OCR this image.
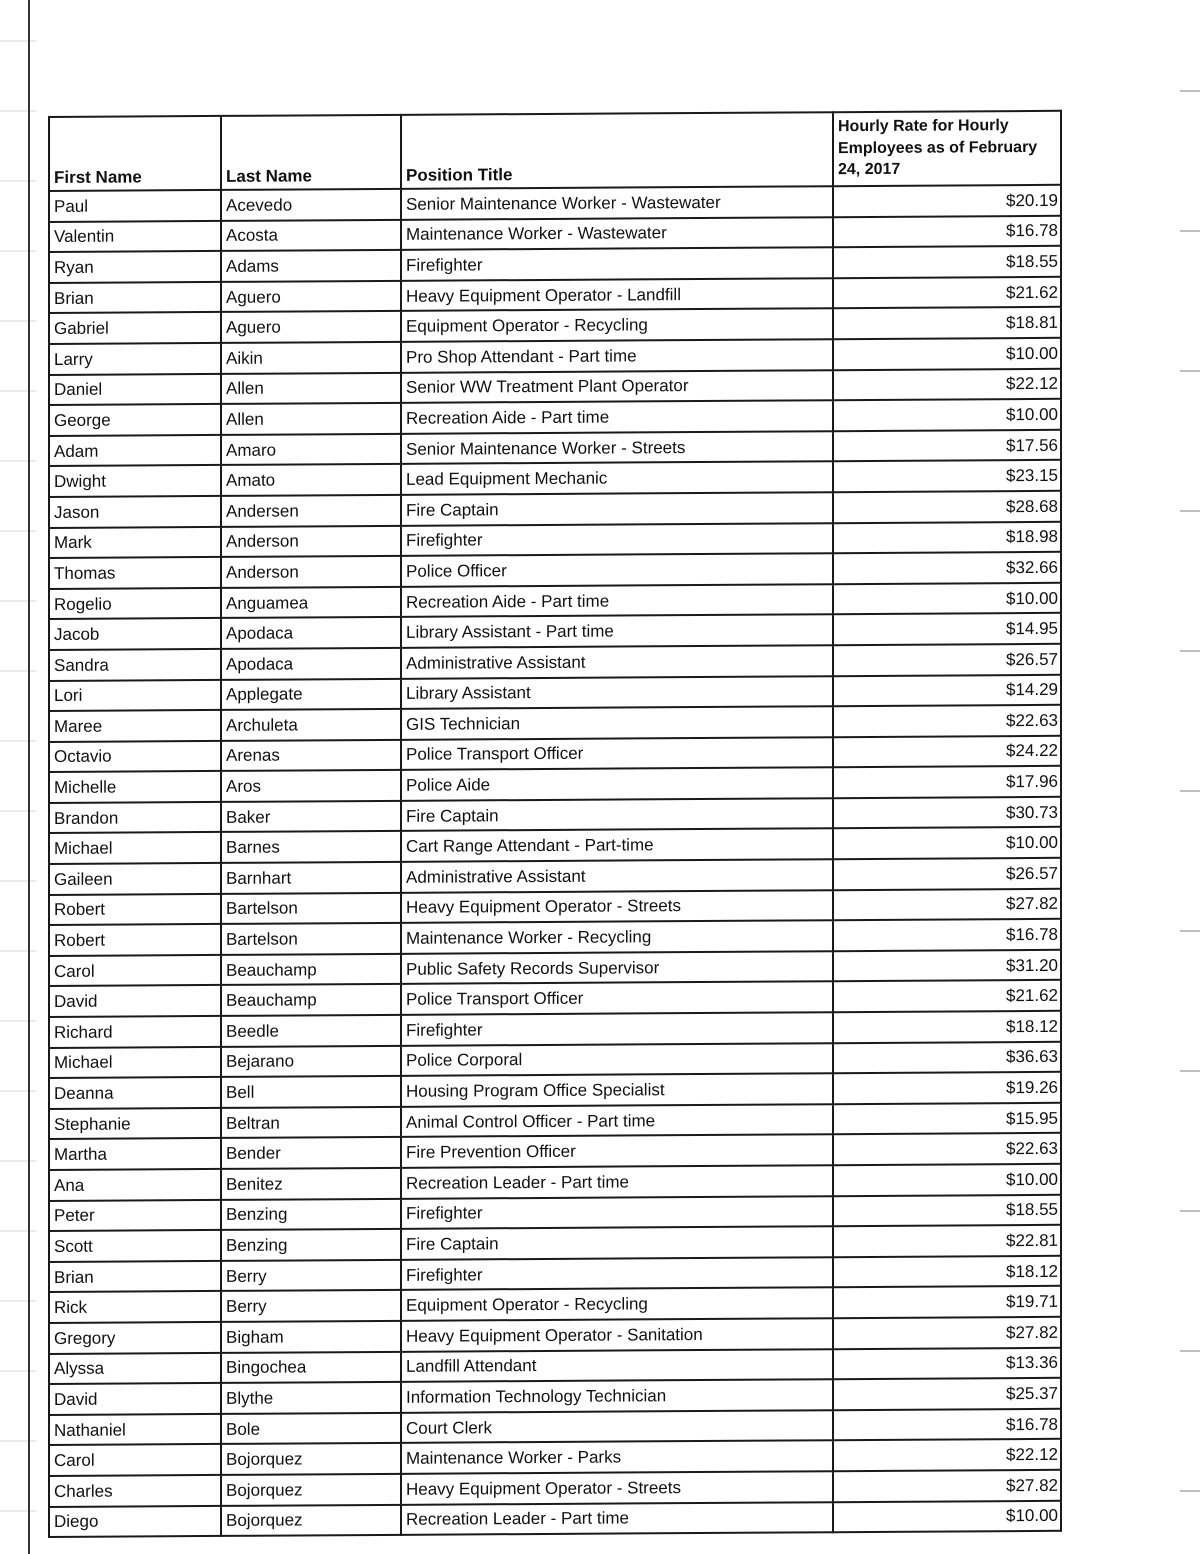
First Name	Last Name	Position Title	Hourly Rate for Hourly Employees as of February 24, 2017
Paul	Acevedo	Senior Maintenance Worker - Wastewater	$20.19
Valentin	Acosta	Maintenance Worker - Wastewater	$16.78
Ryan	Adams	Firefighter	$18.55
Brian	Aguero	Heavy Equipment Operator - Landfill	$21.62
Gabriel	Aguero	Equipment Operator - Recycling	$18.81
Larry	Aikin	Pro Shop Attendant - Part time	$10.00
Daniel	Allen	Senior WW Treatment Plant Operator	$22.12
George	Allen	Recreation Aide - Part time	$10.00
Adam	Amaro	Senior Maintenance Worker - Streets	$17.56
Dwight	Amato	Lead Equipment Mechanic	$23.15
Jason	Andersen	Fire Captain	$28.68
Mark	Anderson	Firefighter	$18.98
Thomas	Anderson	Police Officer	$32.66
Rogelio	Anguamea	Recreation Aide - Part time	$10.00
Jacob	Apodaca	Library Assistant - Part time	$14.95
Sandra	Apodaca	Administrative Assistant	$26.57
Lori	Applegate	Library Assistant	$14.29
Maree	Archuleta	GIS Technician	$22.63
Octavio	Arenas	Police Transport Officer	$24.22
Michelle	Aros	Police Aide	$17.96
Brandon	Baker	Fire Captain	$30.73
Michael	Barnes	Cart Range Attendant - Part-time	$10.00
Gaileen	Barnhart	Administrative Assistant	$26.57
Robert	Bartelson	Heavy Equipment Operator - Streets	$27.82
Robert	Bartelson	Maintenance Worker - Recycling	$16.78
Carol	Beauchamp	Public Safety Records Supervisor	$31.20
David	Beauchamp	Police Transport Officer	$21.62
Richard	Beedle	Firefighter	$18.12
Michael	Bejarano	Police Corporal	$36.63
Deanna	Bell	Housing Program Office Specialist	$19.26
Stephanie	Beltran	Animal Control Officer - Part time	$15.95
Martha	Bender	Fire Prevention Officer	$22.63
Ana	Benitez	Recreation Leader - Part time	$10.00
Peter	Benzing	Firefighter	$18.55
Scott	Benzing	Fire Captain	$22.81
Brian	Berry	Firefighter	$18.12
Rick	Berry	Equipment Operator - Recycling	$19.71
Gregory	Bigham	Heavy Equipment Operator - Sanitation	$27.82
Alyssa	Bingochea	Landfill Attendant	$13.36
David	Blythe	Information Technology Technician	$25.37
Nathaniel	Bole	Court Clerk	$16.78
Carol	Bojorquez	Maintenance Worker - Parks	$22.12
Charles	Bojorquez	Heavy Equipment Operator - Streets	$27.82
Diego	Bojorquez	Recreation Leader - Part time	$10.00
